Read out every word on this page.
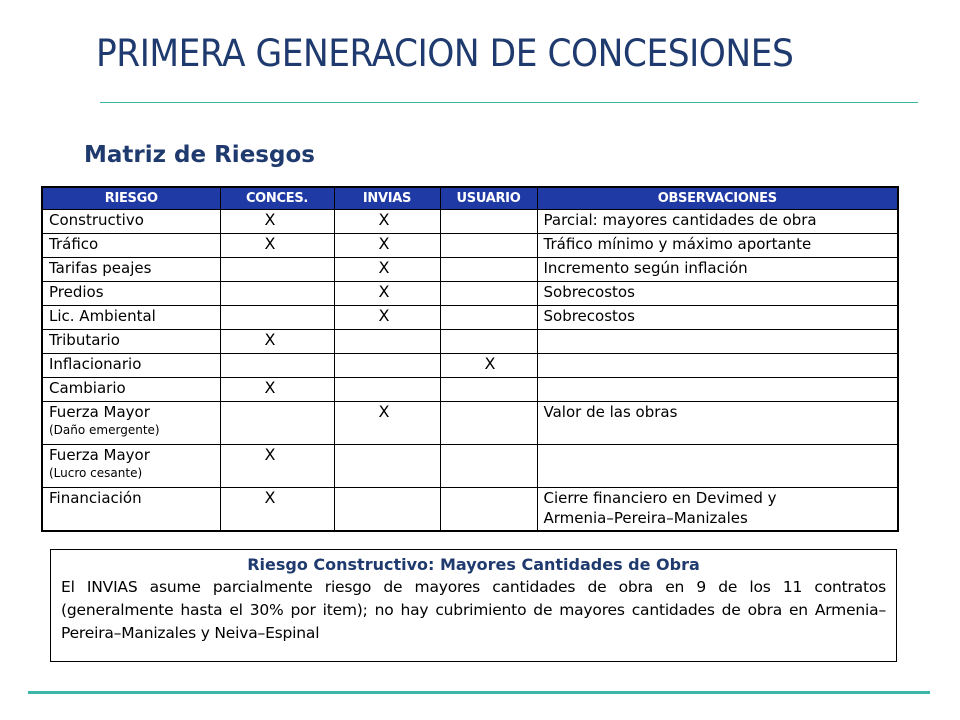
PRIMERA GENERACION DE CONCESIONES
Matriz de Riesgos
RIESGO	CONCES.	INVIAS	USUARIO	OBSERVACIONES
Constructivo	X	X		Parcial: mayores cantidades de obra

Tráfico	X	X		Tráfico mínimo y máximo aportante

Tarifas peajes		X		Incremento según inflación

Predios		X		Sobrecostos

Lic. Ambiental		X		Sobrecostos

Tributario	X			

Inflacionario			X	

Cambiario	X			

Fuerza Mayor
(Daño emergente)		X		Valor de las obras

Fuerza Mayor
(Lucro cesante)	X			

Financiación	X			Cierre financiero en Devimed y
Armenia–Pereira–Manizales
Riesgo Constructivo: Mayores Cantidades de Obra
El INVIAS asume parcialmente riesgo de mayores cantidades de obra en 9 de los 11 contratos (generalmente hasta el 30% por item); no hay cubrimiento de mayores cantidades de obra en Armenia–Pereira–Manizales y Neiva–Espinal
